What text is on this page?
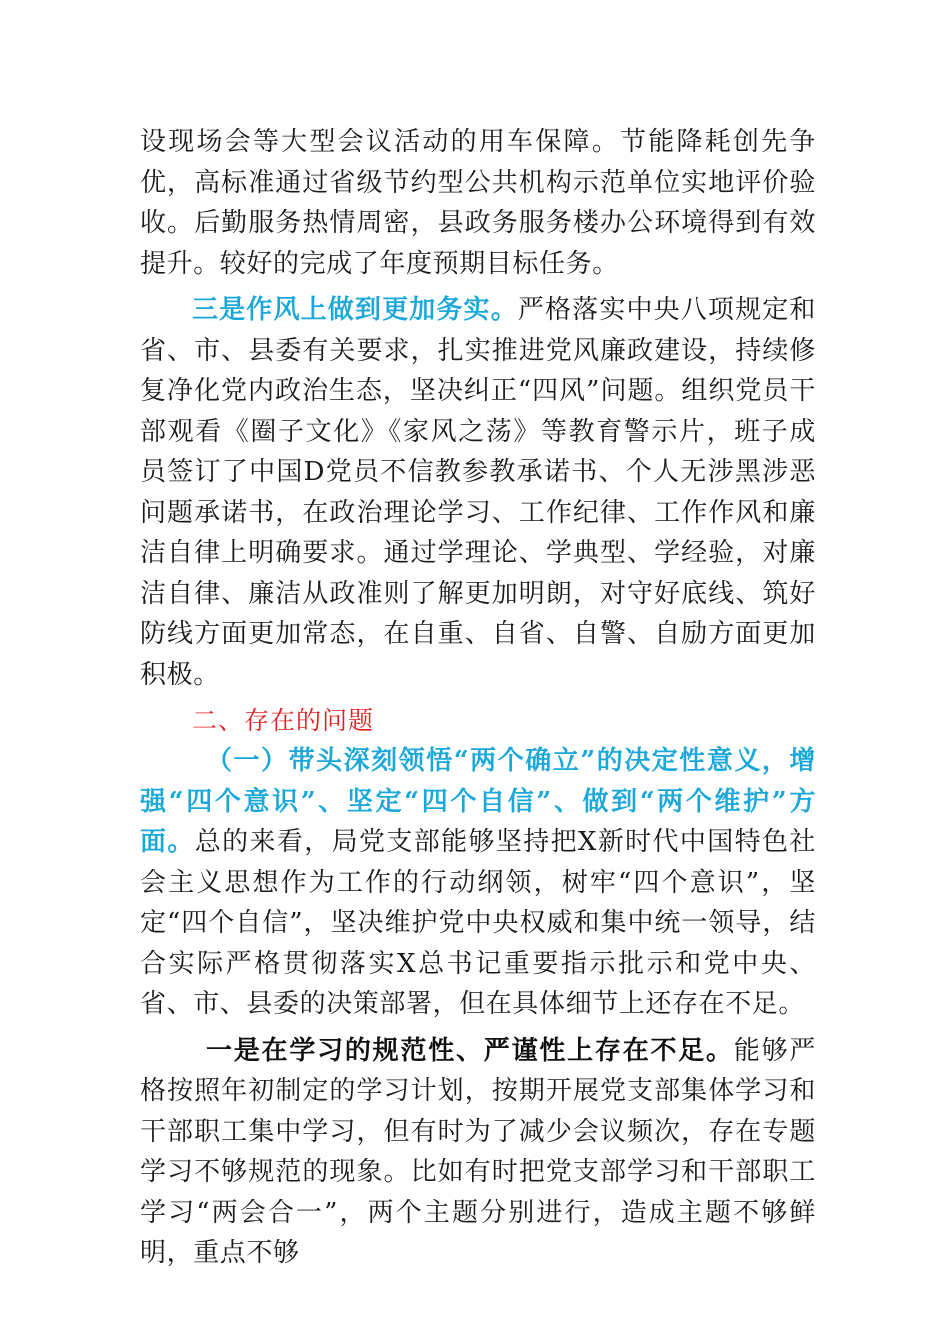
设现场会等大型会议活动的用车保障。节能降耗创先争优，高标准通过省级节约型公共机构示范单位实地评价验收。后勤服务热情周密，县政务服务楼办公环境得到有效提升。较好的完成了年度预期目标任务。

三是作风上做到更加务实。严格落实中央八项规定和省、市、县委有关要求，扎实推进党风廉政建设，持续修复净化党内政治生态，坚决纠正“四风”问题。组织党员干部观看《圈子文化》《家风之荡》等教育警示片，班子成员签订了中国D党员不信教参教承诺书、个人无涉黑涉恶问题承诺书，在政治理论学习、工作纪律、工作作风和廉洁自律上明确要求。通过学理论、学典型、学经验，对廉洁自律、廉洁从政准则了解更加明朗，对守好底线、筑好防线方面更加常态，在自重、自省、自警、自励方面更加积极。

二、存在的问题

（一）带头深刻领悟“两个确立”的决定性意义，增强“四个意识”、坚定“四个自信”、做到“两个维护”方面。总的来看，局党支部能够坚持把X新时代中国特色社会主义思想作为工作的行动纲领，树牢“四个意识”，坚定“四个自信”，坚决维护党中央权威和集中统一领导，结合实际严格贯彻落实X总书记重要指示批示和党中央、省、市、县委的决策部署，但在具体细节上还存在不足。

一是在学习的规范性、严谨性上存在不足。能够严格按照年初制定的学习计划，按期开展党支部集体学习和干部职工集中学习，但有时为了减少会议频次，存在专题学习不够规范的现象。比如有时把党支部学习和干部职工学习“两会合一”，两个主题分别进行，造成主题不够鲜明，重点不够
